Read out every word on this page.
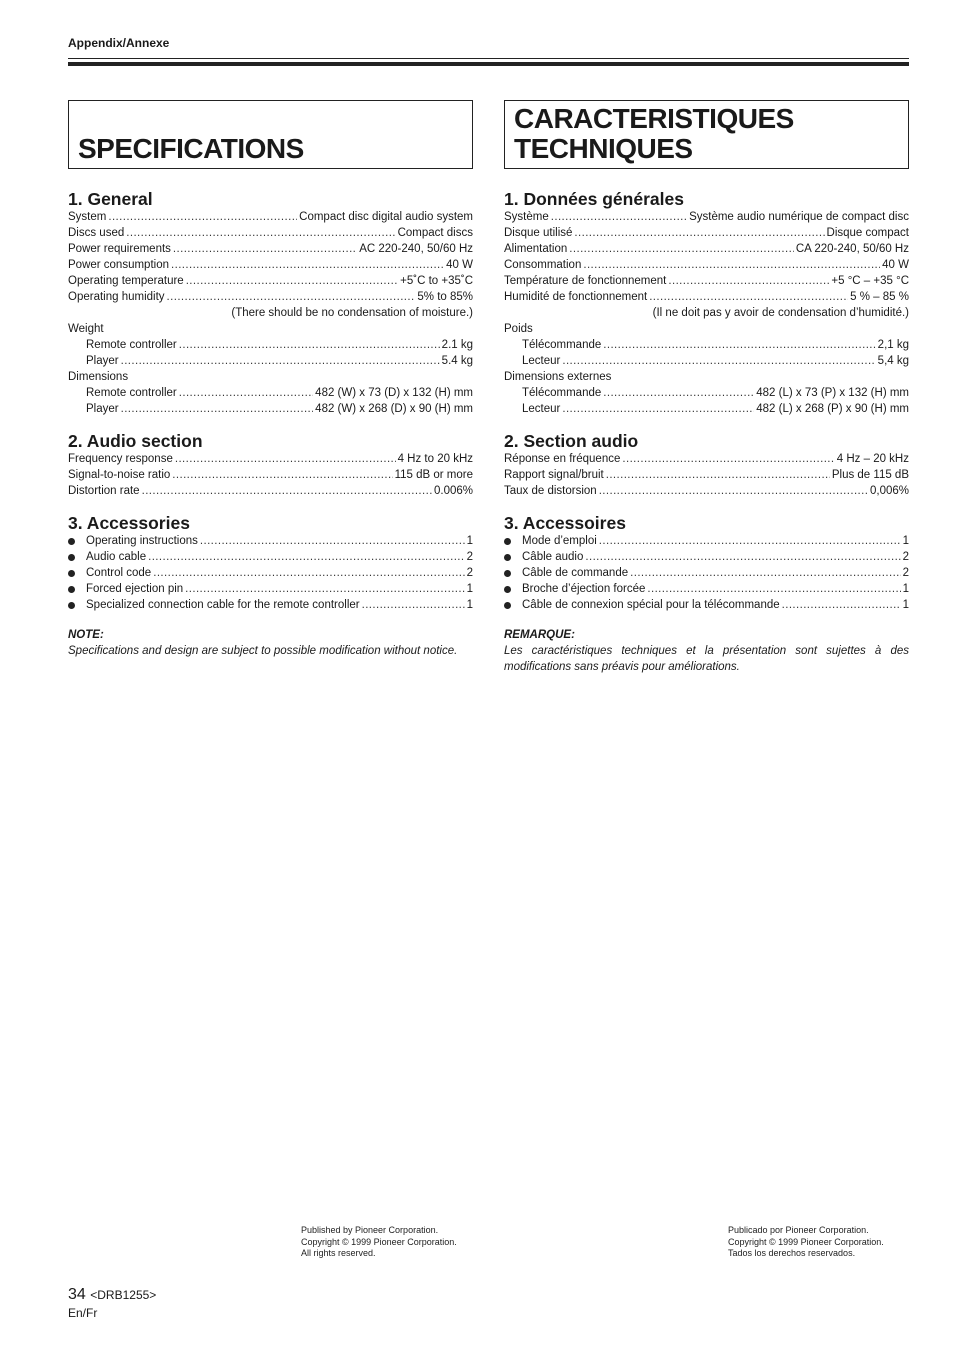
Appendix/Annexe
SPECIFICATIONS
1. General
System .....	Compact disc digital audio system
Discs used .....	Compact discs
Power requirements .....	AC 220-240, 50/60 Hz
Power consumption .....	40 W
Operating temperature .....	+5˚C to +35˚C
Operating humidity .....	5% to 85%
(There should be no condensation of moisture.)
Weight
Remote controller .....	2.1 kg
Player .....	5.4 kg
Dimensions
Remote controller .....	482 (W) x 73 (D) x 132 (H) mm
Player .....	482 (W) x 268 (D) x 90 (H) mm
2. Audio section
Frequency response .....	4 Hz to 20 kHz
Signal-to-noise ratio .....	115 dB or more
Distortion rate .....	0.006%
3. Accessories
Operating instructions .....	1
Audio cable .....	2
Control code .....	2
Forced ejection pin .....	1
Specialized connection cable for the remote controller .....	1
NOTE:
Specifications and design are subject to possible modification without notice.
CARACTERISTIQUES
TECHNIQUES
1. Données générales
Système .....	Système audio numérique de compact disc
Disque utilisé .....	Disque compact
Alimentation .....	CA 220-240, 50/60 Hz
Consommation .....	40 W
Température de fonctionnement .....	+5 °C – +35 °C
Humidité de fonctionnement .....	5 % – 85 %
(Il ne doit pas y avoir de condensation d’humidité.)
Poids
Télécommande .....	2,1 kg
Lecteur .....	5,4 kg
Dimensions externes
Télécommande .....	482 (L) x 73 (P) x 132 (H) mm
Lecteur .....	482 (L) x 268 (P) x 90 (H) mm
2. Section audio
Réponse en fréquence .....	4 Hz – 20 kHz
Rapport signal/bruit .....	Plus de 115 dB
Taux de distorsion .....	0,006%
3. Accessoires
Mode d’emploi .....	1
Câble audio .....	2
Câble de commande .....	2
Broche d’éjection forcée .....	1
Câble de connexion spécial pour la télécommande .....	1
REMARQUE:
Les caractéristiques techniques et la présentation sont sujettes à des modifications sans préavis pour améliorations.
Published by Pioneer Corporation.
Copyright © 1999 Pioneer Corporation.
All rights reserved.
Publicado por Pioneer Corporation.
Copyright © 1999 Pioneer Corporation.
Tados los derechos reservados.
34 <DRB1255>
En/Fr
